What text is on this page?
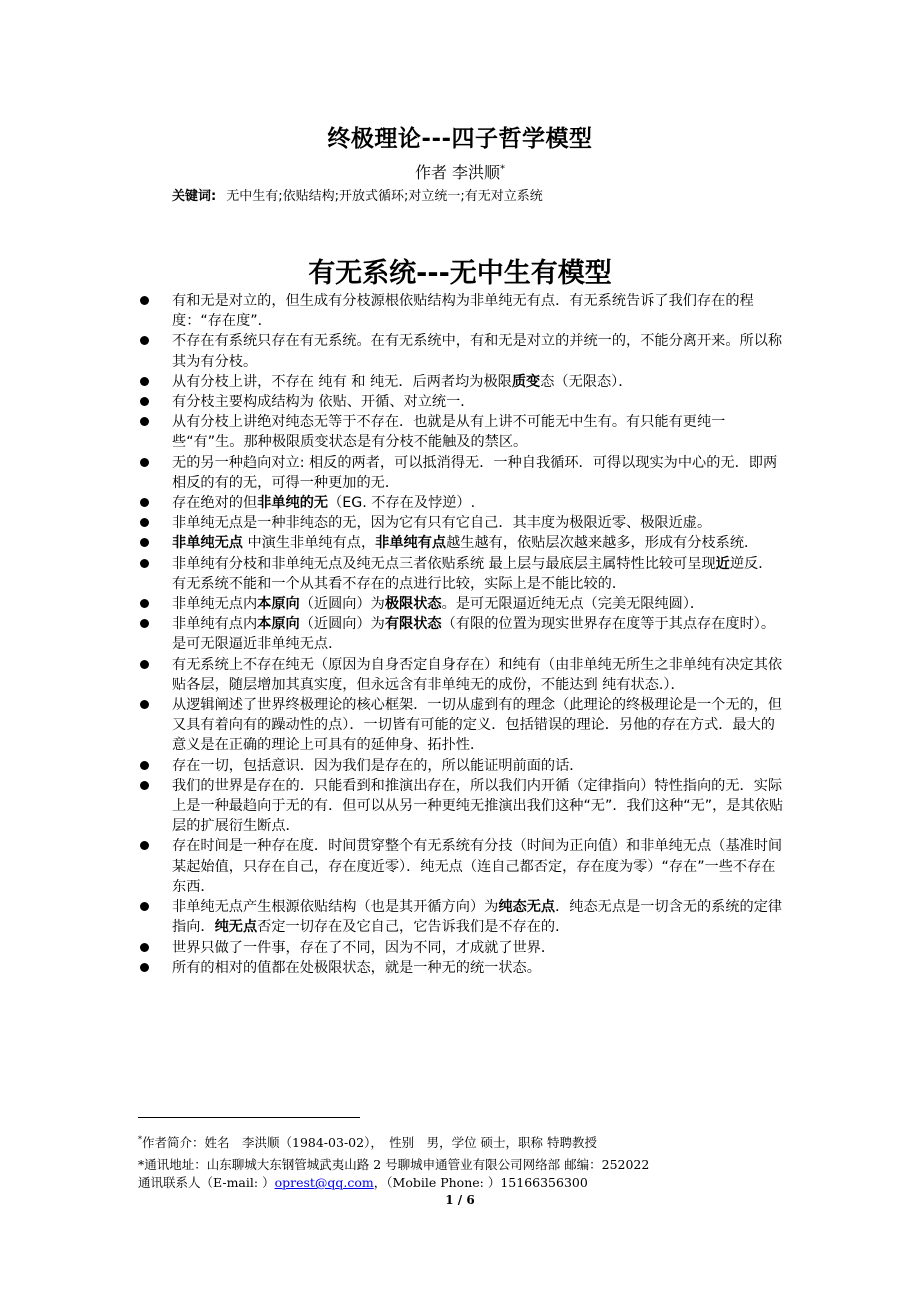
终极理论---四子哲学模型
作者 李洪顺*
关键词: 无中生有;依贴结构;开放式循环;对立统一;有无对立系统
有无系统---无中生有模型
有和无是对立的，但生成有分枝源根依贴结构为非单纯无有点．有无系统告诉了我们存在的程度：“存在度”．
不存在有系统只存在有无系统。在有无系统中，有和无是对立的并统一的，不能分离开来。所以称其为有分枝。
从有分枝上讲，不存在 纯有 和 纯无．后两者均为极限质变态（无限态）．
有分枝主要构成结构为 依贴、开循、对立统一．
从有分枝上讲绝对纯态无等于不存在．也就是从有上讲不可能无中生有。有只能有更纯一些“有”生。那种极限质变状态是有分枝不能触及的禁区。
无的另一种趋向对立: 相反的两者，可以抵消得无．一种自我循环．可得以现实为中心的无．即两相反的有的无，可得一种更加的无．
存在绝对的但非单纯的无（EG. 不存在及悖逆）.
非单纯无点是一种非纯态的无，因为它有只有它自己．其丰度为极限近零、极限近虚。
非单纯无点 中演生非单纯有点，非单纯有点越生越有，依贴层次越来越多，形成有分枝系统．
非单纯有分枝和非单纯无点及纯无点三者依贴系统 最上层与最底层主属特性比较可呈现近逆反．有无系统不能和一个从其看不存在的点进行比较，实际上是不能比较的．
非单纯无点内本原向（近圆向）为极限状态。是可无限逼近纯无点（完美无限纯圆）．
非单纯有点内本原向（近圆向）为有限状态（有限的位置为现实世界存在度等于其点存在度时）。是可无限逼近非单纯无点．
有无系统上不存在纯无（原因为自身否定自身存在）和纯有（由非单纯无所生之非单纯有决定其依贴各层，随层增加其真实度，但永远含有非单纯无的成份，不能达到 纯有状态.）．
从逻辑阐述了世界终极理论的核心框架．一切从虚到有的理念（此理论的终极理论是一个无的，但又具有着向有的躁动性的点）．一切皆有可能的定义．包括错误的理论．另他的存在方式．最大的意义是在正确的理论上可具有的延伸身、拓扑性．
存在一切，包括意识．因为我们是存在的，所以能证明前面的话．
我们的世界是存在的．只能看到和推演出存在，所以我们内开循（定律指向）特性指向的无．实际上是一种最趋向于无的有．但可以从另一种更纯无推演出我们这种“无”．我们这种“无”，是其依贴层的扩展衍生断点．
存在时间是一种存在度．时间贯穿整个有无系统有分技（时间为正向值）和非单纯无点（基准时间某起始值，只存在自己，存在度近零）．纯无点（连自己都否定，存在度为零）“存在”一些不存在东西．
非单纯无点产生根源依贴结构（也是其开循方向）为纯态无点．纯态无点是一切含无的系统的定律指向．纯无点否定一切存在及它自己，它告诉我们是不存在的．
世界只做了一件事，存在了不同，因为不同，才成就了世界．
所有的相对的值都在处极限状态，就是一种无的统一状态。
*作者简介：姓名　李洪顺（1984-03-02），　性别　男，学位 硕士，职称 特聘教授
*通讯地址：山东聊城大东钢管城武夷山路 2 号聊城申通管业有限公司网络部 邮编：252022
通讯联系人（E-mail: ）oprest@qq.com，（Mobile Phone: ）15166356300
1 / 6
